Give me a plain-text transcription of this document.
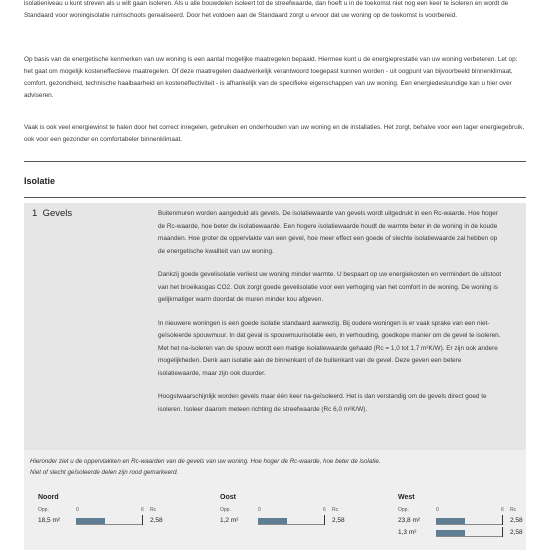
isolatieniveau u kunt streven als u wilt gaan isoleren. Als u alle bouwdelen isoleert tot de streefwaarde, dan hoeft u in de toekomst niet nog een keer te isoleren en wordt de Standaard voor woningisolatie ruimschoots gerealiseerd. Door het voldoen aan de Standaard zorgt u ervoor dat uw woning op de toekomst is voorbereid.

Op basis van de energetische kenmerken van uw woning is een aantal mogelijke maatregelen bepaald. Hiermee kunt u de energieprestatie van uw woning verbeteren. Let op: het gaat om mogelijk kosteneffectieve maatregelen. Of deze maatregelen daadwerkelijk verantwoord toegepast kunnen worden - uit oogpunt van bijvoorbeeld binnenklimaat, comfort, gezondheid, technische haalbaarheid en kosteneffectiviteit - is afhankelijk van de specifieke eigenschappen van uw woning. Een energiedeskundige kan u hier over adviseren.

Vaak is ook veel energiewinst te halen door het correct inregelen, gebruiken en onderhouden van uw woning en de installaties. Het zorgt, behalve voor een lager energiegebruik, ook voor een gezonder en comfortabeler binnenklimaat.

Isolatie
1 Gevels	Buitenmuren worden aangeduid als gevels. De isolatiewaarde van gevels wordt uitgedrukt in een Rc-waarde. Hoe hoger de Rc-waarde, hoe beter de isolatiewaarde. Een hogere isolatiewaarde houdt de warmte beter in de woning in de koude maanden. Hoe groter de oppervlakte van een gevel, hoe meer effect een goede of slechte isolatiewaarde zal hebben op de energetische kwaliteit van uw woning.

Dankzij goede gevelisolatie verliest uw woning minder warmte. U bespaart op uw energiekosten en vermindert de uitstoot van het broeikasgas CO2. Ook zorgt goede gevelisolatie voor een verhoging van het comfort in de woning. De woning is gelijkmatiger warm doordat de muren minder kou afgeven.

In nieuwere woningen is een goede isolatie standaard aanwezig. Bij oudere woningen is er vaak sprake van een niet-geïsoleerde spouwmuur. In dat geval is spouwmuurisolatie een, in verhouding, goedkope manier om de gevel te isoleren. Met het na-isoleren van de spouw wordt een matige isolatiewaarde gehaald (Rc = 1,0 tot 1,7 m²K/W). Er zijn ook andere mogelijkheden. Denk aan isolatie aan de binnenkant of de buitenkant van de gevel. Deze geven een betere isolatiewaarde, maar zijn ook duurder.

Hoogstwaarschijnlijk worden gevels maar één keer na-geïsoleerd. Het is dan verstandig om de gevels direct goed te isoleren. Isoleer daarom meteen richting de streefwaarde (Rc 6,0 m²K/W).

Hieronder ziet u de oppervlakken en Rc-waarden van de gevels van uw woning. Hoe hoger de Rc-waarde, hoe beter de isolatie.
Niet of slecht geïsoleerde delen zijn rood gemarkeerd.
Noord
Opp.	0	6 Rc
18,5 m²	2,58
Oost
Opp.	0	6 Rc
1,2 m²	2,58
West
Opp.	0	6 Rc
23,8 m²	2,58
1,3 m²	2,58
